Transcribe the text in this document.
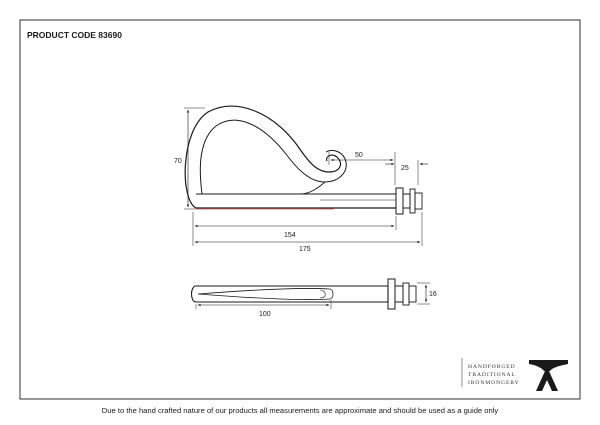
PRODUCT CODE 83690
70
50
25
154
175
16
100
HANDFORGED
TRADITIONAL
IRONMONGERY
Due to the hand crafted nature of our products all measurements are approximate and should be used as a guide only
